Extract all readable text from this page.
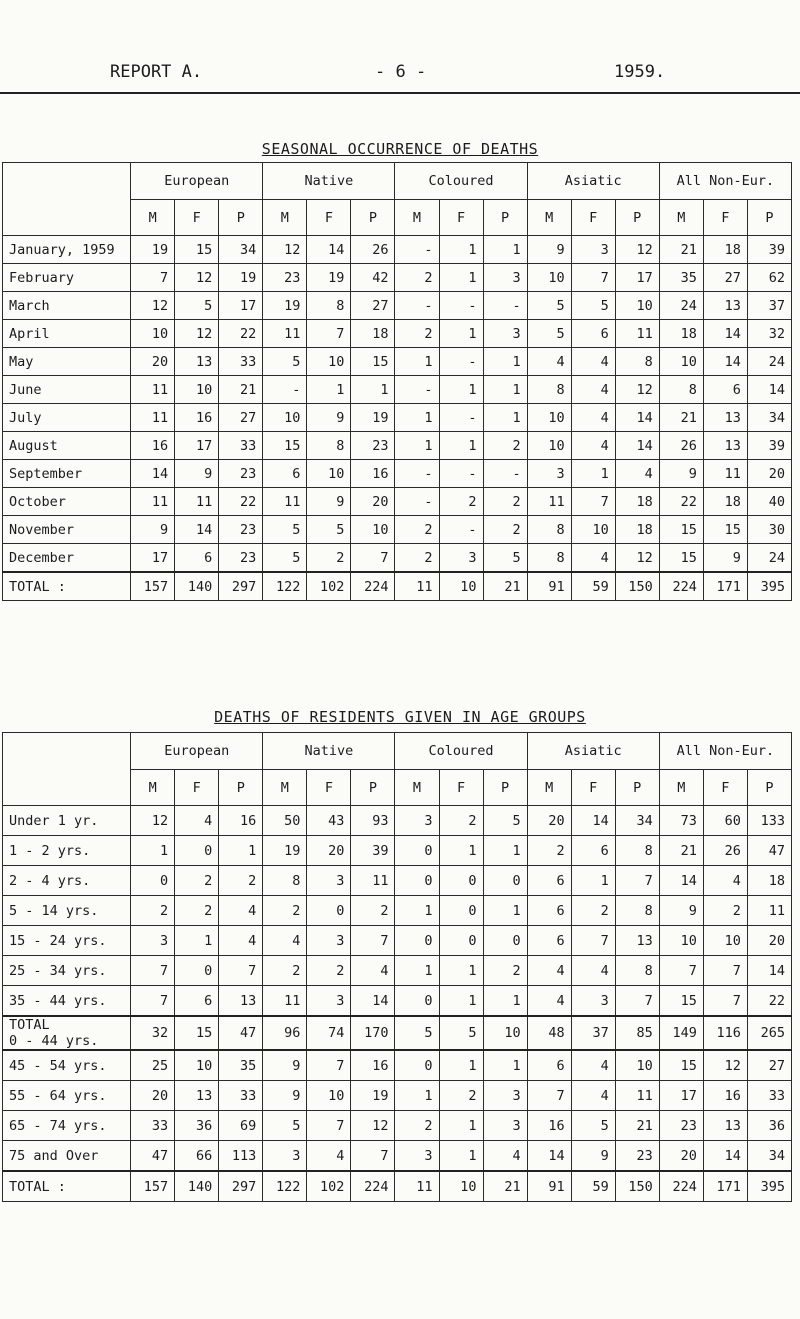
REPORT A.	- 6 -	1959.
SEASONAL OCCURRENCE OF DEATHS
	European			Native			Coloured			Asiatic			All Non-Eur.		
	M	F	P	M	F	P	M	F	P	M	F	P	M	F	P
January, 1959	19	15	34	12	14	26	-	1	1	9	3	12	21	18	39
February	7	12	19	23	19	42	2	1	3	10	7	17	35	27	62
March	12	5	17	19	8	27	-	-	-	5	5	10	24	13	37
April	10	12	22	11	7	18	2	1	3	5	6	11	18	14	32
May	20	13	33	5	10	15	1	-	1	4	4	8	10	14	24
June	11	10	21	-	1	1	-	1	1	8	4	12	8	6	14
July	11	16	27	10	9	19	1	-	1	10	4	14	21	13	34
August	16	17	33	15	8	23	1	1	2	10	4	14	26	13	39
September	14	9	23	6	10	16	-	-	-	3	1	4	9	11	20
October	11	11	22	11	9	20	-	2	2	11	7	18	22	18	40
November	9	14	23	5	5	10	2	-	2	8	10	18	15	15	30
December	17	6	23	5	2	7	2	3	5	8	4	12	15	9	24
TOTAL :	157	140	297	122	102	224	11	10	21	91	59	150	224	171	395
DEATHS OF RESIDENTS GIVEN IN AGE GROUPS
	European			Native			Coloured			Asiatic			All Non-Eur.		
	M	F	P	M	F	P	M	F	P	M	F	P	M	F	P
Under 1 yr.	12	4	16	50	43	93	3	2	5	20	14	34	73	60	133
1 - 2 yrs.	1	0	1	19	20	39	0	1	1	2	6	8	21	26	47
2 - 4 yrs.	0	2	2	8	3	11	0	0	0	6	1	7	14	4	18
5 - 14 yrs.	2	2	4	2	0	2	1	0	1	6	2	8	9	2	11
15 - 24 yrs.	3	1	4	4	3	7	0	0	0	6	7	13	10	10	20
25 - 34 yrs.	7	0	7	2	2	4	1	1	2	4	4	8	7	7	14
35 - 44 yrs.	7	6	13	11	3	14	0	1	1	4	3	7	15	7	22

TOTAL
0 - 44 yrs.	32	15	47	96	74	170	5	5	10	48	37	85	149	116	265
45 - 54 yrs.	25	10	35	9	7	16	0	1	1	6	4	10	15	12	27
55 - 64 yrs.	20	13	33	9	10	19	1	2	3	7	4	11	17	16	33
65 - 74 yrs.	33	36	69	5	7	12	2	1	3	16	5	21	23	13	36
75 and Over	47	66	113	3	4	7	3	1	4	14	9	23	20	14	34
TOTAL :	157	140	297	122	102	224	11	10	21	91	59	150	224	171	395
